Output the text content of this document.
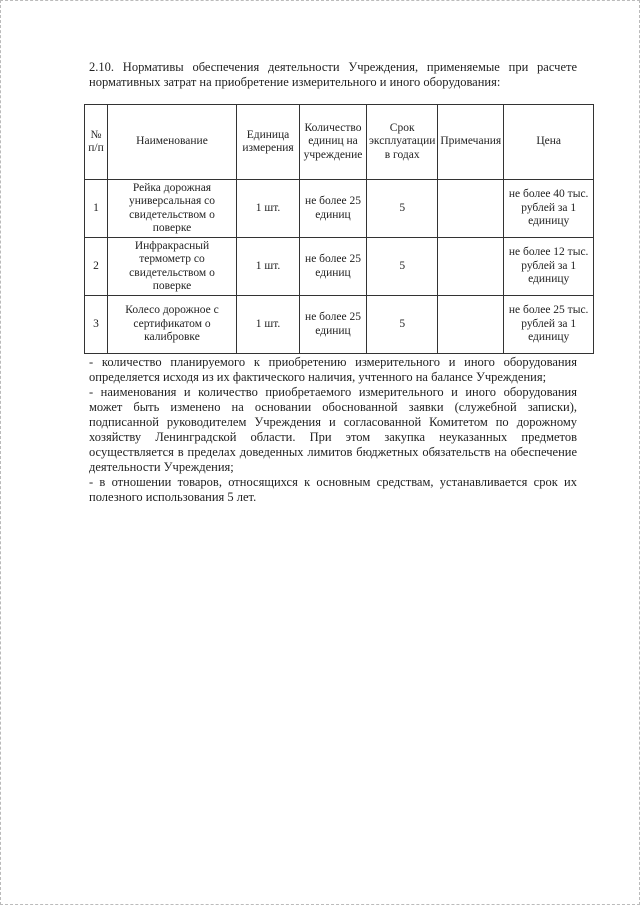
2.10. Нормативы обеспечения деятельности Учреждения, применяемые при расчете нормативных затрат на приобретение измерительного и иного оборудования:
№ п/п	Наименование	Единица измерения	Количество единиц на учреждение	Срок эксплуатации в годах	Примечания	Цена
1	Рейка дорожная универсальная со свидетельством о поверке	1 шт.	не более 25 единиц	5		не более 40 тыс. рублей за 1 единицу
2	Инфракрасный термометр со свидетельством о поверке	1 шт.	не более 25 единиц	5		не более 12 тыс. рублей за 1 единицу
3	Колесо дорожное с сертификатом о калибровке	1 шт.	не более 25 единиц	5		не более 25 тыс. рублей за 1 единицу

- количество планируемого к приобретению измерительного и иного оборудования определяется исходя из их фактического наличия, учтенного на балансе Учреждения;

- наименования и количество приобретаемого измерительного и иного оборудования может быть изменено на основании обоснованной заявки (служебной записки), подписанной руководителем Учреждения и согласованной Комитетом по дорожному хозяйству Ленинградской области. При этом закупка неуказанных предметов осуществляется в пределах доведенных лимитов бюджетных обязательств на обеспечение деятельности Учреждения;

- в отношении товаров, относящихся к основным средствам, устанавливается срок их полезного использования 5 лет.
